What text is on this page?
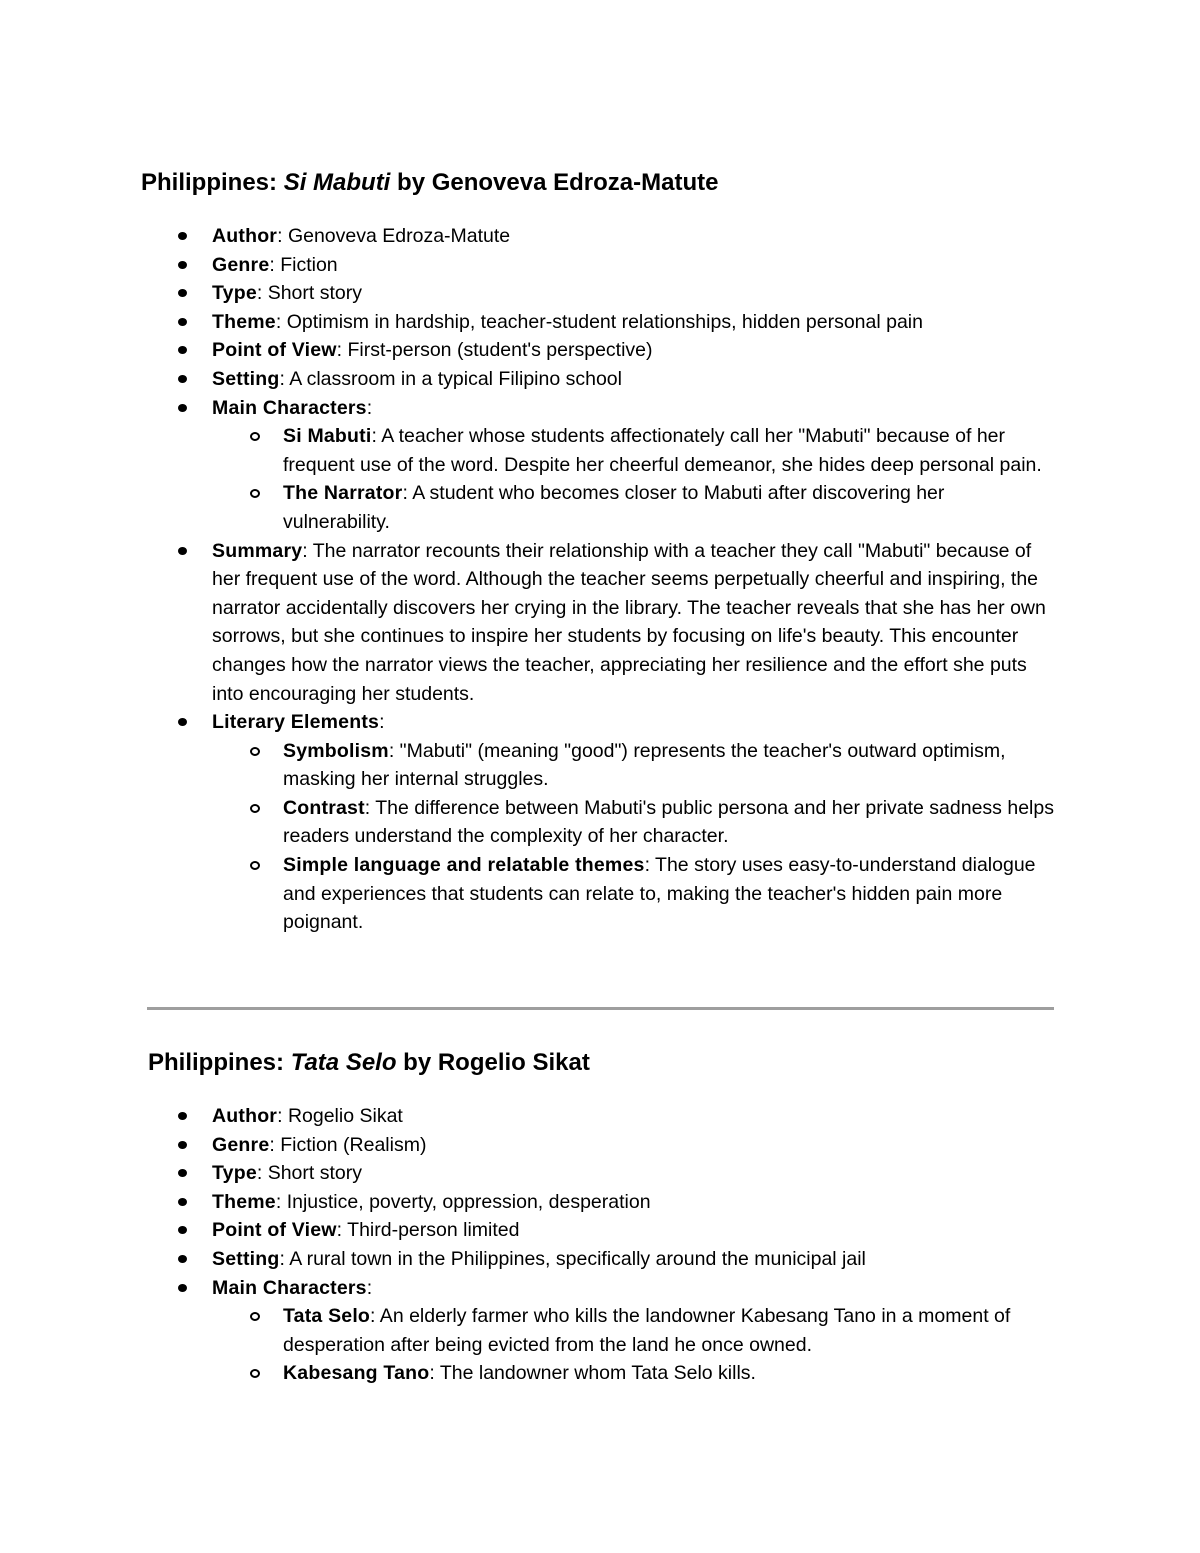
Philippines: Si Mabuti by Genoveva Edroza-Matute
Author: Genoveva Edroza-Matute
Genre: Fiction
Type: Short story
Theme: Optimism in hardship, teacher-student relationships, hidden personal pain
Point of View: First-person (student's perspective)
Setting: A classroom in a typical Filipino school
Main Characters:
Si Mabuti: A teacher whose students affectionately call her "Mabuti" because of her frequent use of the word. Despite her cheerful demeanor, she hides deep personal pain.
The Narrator: A student who becomes closer to Mabuti after discovering her vulnerability.
Summary: The narrator recounts their relationship with a teacher they call "Mabuti" because of her frequent use of the word. Although the teacher seems perpetually cheerful and inspiring, the narrator accidentally discovers her crying in the library. The teacher reveals that she has her own sorrows, but she continues to inspire her students by focusing on life's beauty. This encounter changes how the narrator views the teacher, appreciating her resilience and the effort she puts into encouraging her students.
Literary Elements:
Symbolism: "Mabuti" (meaning "good") represents the teacher's outward optimism, masking her internal struggles.
Contrast: The difference between Mabuti's public persona and her private sadness helps readers understand the complexity of her character.
Simple language and relatable themes: The story uses easy-to-understand dialogue and experiences that students can relate to, making the teacher's hidden pain more poignant.
Philippines: Tata Selo by Rogelio Sikat
Author: Rogelio Sikat
Genre: Fiction (Realism)
Type: Short story
Theme: Injustice, poverty, oppression, desperation
Point of View: Third-person limited
Setting: A rural town in the Philippines, specifically around the municipal jail
Main Characters:
Tata Selo: An elderly farmer who kills the landowner Kabesang Tano in a moment of desperation after being evicted from the land he once owned.
Kabesang Tano: The landowner whom Tata Selo kills.
